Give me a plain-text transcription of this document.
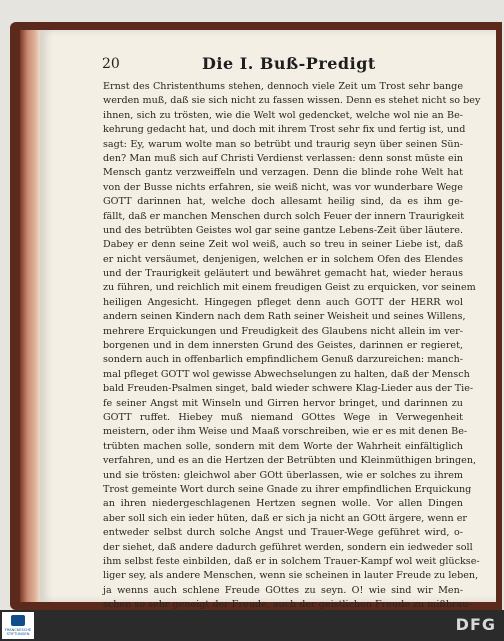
20	Die I. Buß-Predigt
Ernst des Christenthums stehen, dennoch viele Zeit um Trost sehr bange
werden muß, daß sie sich nicht zu fassen wissen. Denn es stehet nicht so bey
ihnen, sich zu trösten, wie die Welt wol gedencket, welche wol nie an Be-
kehrung gedacht hat, und doch mit ihrem Trost sehr fix und fertig ist, und
sagt: Ey, warum wolte man so betrübt und traurig seyn über seinen Sün-
den? Man muß sich auf Christi Verdienst verlassen: denn sonst müste ein
Mensch gantz verzweiffeln und verzagen. Denn die blinde rohe Welt hat
von der Busse nichts erfahren, sie weiß nicht, was vor wunderbare Wege
GOTT darinnen hat, welche doch allesamt heilig sind, da es ihm ge-
fällt, daß er manchen Menschen durch solch Feuer der innern Traurigkeit
und des betrübten Geistes wol gar seine gantze Lebens-Zeit über läutere.
Dabey er denn seine Zeit wol weiß, auch so treu in seiner Liebe ist, daß
er nicht versäumet, denjenigen, welchen er in solchem Ofen des Elendes
und der Traurigkeit geläutert und bewähret gemacht hat, wieder heraus
zu führen, und reichlich mit einem freudigen Geist zu erquicken, vor seinem
heiligen Angesicht. Hingegen pfleget denn auch GOTT der HERR wol
andern seinen Kindern nach dem Rath seiner Weisheit und seines Willens,
mehrere Erquickungen und Freudigkeit des Glaubens nicht allein im ver-
borgenen und in dem innersten Grund des Geistes, darinnen er regieret,
sondern auch in offenbarlich empfindlichem Genuß darzureichen: manch-
mal pfleget GOTT wol gewisse Abwechselungen zu halten, daß der Mensch
bald Freuden-Psalmen singet, bald wieder schwere Klag-Lieder aus der Tie-
fe seiner Angst mit Winseln und Girren hervor bringet, und darinnen zu
GOTT ruffet. Hiebey muß niemand GOttes Wege in Verwegenheit
meistern, oder ihm Weise und Maaß vorschreiben, wie er es mit denen Be-
trübten machen solle, sondern mit dem Worte der Wahrheit einfältiglich
verfahren, und es an die Hertzen der Betrübten und Kleinmüthigen bringen,
und sie trösten: gleichwol aber GOtt überlassen, wie er solches zu ihrem
Trost gemeinte Wort durch seine Gnade zu ihrer empfindlichen Erquickung
an ihren niedergeschlagenen Hertzen segnen wolle. Vor allen Dingen
aber soll sich ein ieder hüten, daß er sich ja nicht an GOtt ärgere, wenn er
entweder selbst durch solche Angst und Trauer-Wege geführet wird, o-
der siehet, daß andere dadurch geführet werden, sondern ein iedweder soll
ihm selbst feste einbilden, daß er in solchem Trauer-Kampf wol weit glückse-
liger sey, als andere Menschen, wenn sie scheinen in lauter Freude zu leben,
ja wenns auch schlene Freude GOttes zu seyn. O! wie sind wir Men-
schen so sehr geneigt der Freude, auch der geistlichen Freude zu mißbrau-
FRANCKESCHE STIFTUNGEN	DFG
